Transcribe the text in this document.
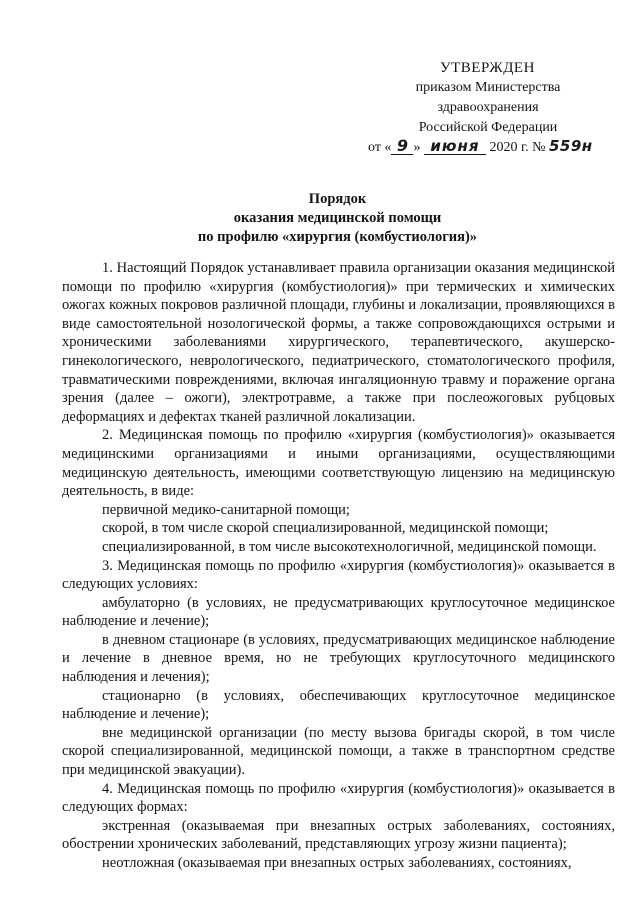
УТВЕРЖДЕН
приказом Министерства
здравоохранения
Российской Федерации
от « 9 » июня 2020 г. № 559н
Порядок
оказания медицинской помощи
по профилю «хирургия (комбустиология)»

1. Настоящий Порядок устанавливает правила организации оказания медицинской помощи по профилю «хирургия (комбустиология)» при термических и химических ожогах кожных покровов различной площади, глубины и локализации, проявляющихся в виде самостоятельной нозологической формы, а также сопровождающихся острыми и хроническими заболеваниями хирургического, терапевтического, акушерско-гинекологического, неврологического, педиатрического, стоматологического профиля, травматическими повреждениями, включая ингаляционную травму и поражение органа зрения (далее – ожоги), электротравме, а также при послеожоговых рубцовых деформациях и дефектах тканей различной локализации.

2. Медицинская помощь по профилю «хирургия (комбустиология)» оказывается медицинскими организациями и иными организациями, осуществляющими медицинскую деятельность, имеющими соответствующую лицензию на медицинскую деятельность, в виде:

первичной медико-санитарной помощи;

скорой, в том числе скорой специализированной, медицинской помощи;

специализированной, в том числе высокотехнологичной, медицинской помощи.

3. Медицинская помощь по профилю «хирургия (комбустиология)» оказывается в следующих условиях:

амбулаторно (в условиях, не предусматривающих круглосуточное медицинское наблюдение и лечение);

в дневном стационаре (в условиях, предусматривающих медицинское наблюдение и лечение в дневное время, но не требующих круглосуточного медицинского наблюдения и лечения);

стационарно (в условиях, обеспечивающих круглосуточное медицинское наблюдение и лечение);

вне медицинской организации (по месту вызова бригады скорой, в том числе скорой специализированной, медицинской помощи, а также в транспортном средстве при медицинской эвакуации).

4. Медицинская помощь по профилю «хирургия (комбустиология)» оказывается в следующих формах:

экстренная (оказываемая при внезапных острых заболеваниях, состояниях, обострении хронических заболеваний, представляющих угрозу жизни пациента);

неотложная (оказываемая при внезапных острых заболеваниях, состояниях,
